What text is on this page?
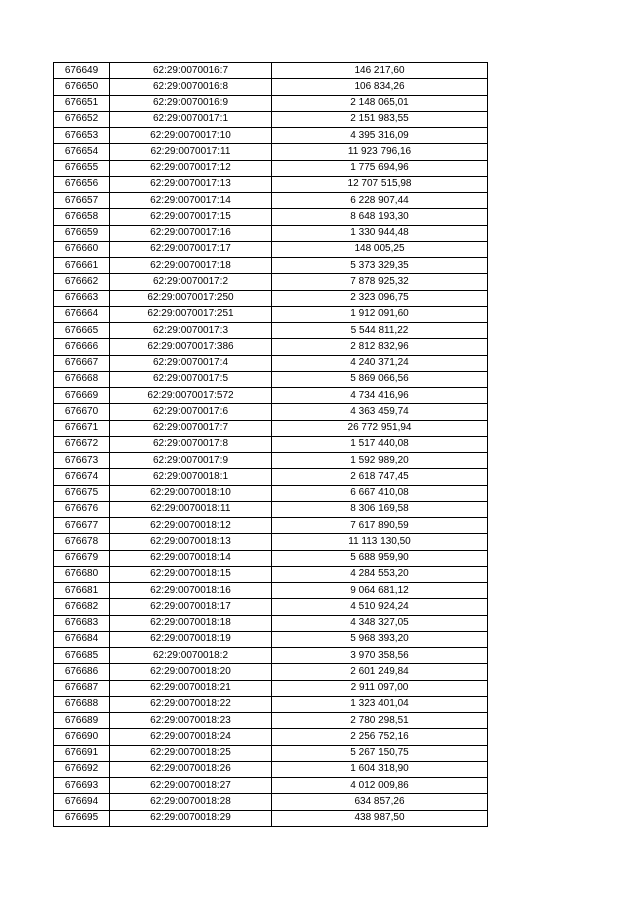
676649	62:29:0070016:7	146 217,60
676650	62:29:0070016:8	106 834,26
676651	62:29:0070016:9	2 148 065,01
676652	62:29:0070017:1	2 151 983,55
676653	62:29:0070017:10	4 395 316,09
676654	62:29:0070017:11	11 923 796,16
676655	62:29:0070017:12	1 775 694,96
676656	62:29:0070017:13	12 707 515,98
676657	62:29:0070017:14	6 228 907,44
676658	62:29:0070017:15	8 648 193,30
676659	62:29:0070017:16	1 330 944,48
676660	62:29:0070017:17	148 005,25
676661	62:29:0070017:18	5 373 329,35
676662	62:29:0070017:2	7 878 925,32
676663	62:29:0070017:250	2 323 096,75
676664	62:29:0070017:251	1 912 091,60
676665	62:29:0070017:3	5 544 811,22
676666	62:29:0070017:386	2 812 832,96
676667	62:29:0070017:4	4 240 371,24
676668	62:29:0070017:5	5 869 066,56
676669	62:29:0070017:572	4 734 416,96
676670	62:29:0070017:6	4 363 459,74
676671	62:29:0070017:7	26 772 951,94
676672	62:29:0070017:8	1 517 440,08
676673	62:29:0070017:9	1 592 989,20
676674	62:29:0070018:1	2 618 747,45
676675	62:29:0070018:10	6 667 410,08
676676	62:29:0070018:11	8 306 169,58
676677	62:29:0070018:12	7 617 890,59
676678	62:29:0070018:13	11 113 130,50
676679	62:29:0070018:14	5 688 959,90
676680	62:29:0070018:15	4 284 553,20
676681	62:29:0070018:16	9 064 681,12
676682	62:29:0070018:17	4 510 924,24
676683	62:29:0070018:18	4 348 327,05
676684	62:29:0070018:19	5 968 393,20
676685	62:29:0070018:2	3 970 358,56
676686	62:29:0070018:20	2 601 249,84
676687	62:29:0070018:21	2 911 097,00
676688	62:29:0070018:22	1 323 401,04
676689	62:29:0070018:23	2 780 298,51
676690	62:29:0070018:24	2 256 752,16
676691	62:29:0070018:25	5 267 150,75
676692	62:29:0070018:26	1 604 318,90
676693	62:29:0070018:27	4 012 009,86
676694	62:29:0070018:28	634 857,26
676695	62:29:0070018:29	438 987,50
